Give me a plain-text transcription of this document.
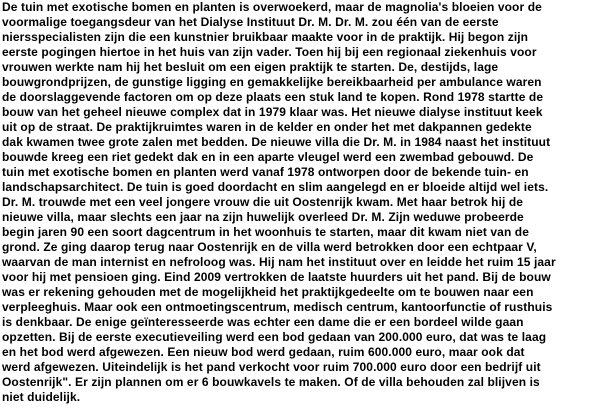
De tuin met exotische bomen en planten is overwoekerd, maar de magnolia's bloeien voor de
voormalige toegangsdeur van het Dialyse Instituut Dr. M. Dr. M. zou één van de eerste
niersspecialisten zijn die een kunstnier bruikbaar maakte voor in de praktijk. Hij begon zijn
eerste pogingen hiertoe in het huis van zijn vader. Toen hij bij een regionaal ziekenhuis voor
vrouwen werkte nam hij het besluit om een eigen praktijk te starten. De, destijds, lage
bouwgrondprijzen, de gunstige ligging en gemakkelijke bereikbaarheid per ambulance waren
de doorslaggevende factoren om op deze plaats een stuk land te kopen. Rond 1978 startte de
bouw van het geheel nieuwe complex dat in 1979 klaar was. Het nieuwe dialyse instituut keek
uit op de straat. De praktijkruimtes waren in de kelder en onder het met dakpannen gedekte
dak kwamen twee grote zalen met bedden. De nieuwe villa die Dr. M. in 1984 naast het instituut
bouwde kreeg een riet gedekt dak en in een aparte vleugel werd een zwembad gebouwd. De
tuin met exotische bomen en planten werd vanaf 1978 ontworpen door de bekende tuin- en
landschapsarchitect. De tuin is goed doordacht en slim aangelegd en er bloeide altijd wel iets.
Dr. M. trouwde met een veel jongere vrouw die uit Oostenrijk kwam. Met haar betrok hij de
nieuwe villa, maar slechts een jaar na zijn huwelijk overleed Dr. M. Zijn weduwe probeerde
begin jaren 90 een soort dagcentrum in het woonhuis te starten, maar dit kwam niet van de
grond. Ze ging daarop terug naar Oostenrijk en de villa werd betrokken door een echtpaar V,
waarvan de man internist en nefroloog was. Hij nam het instituut over en leidde het ruim 15 jaar
voor hij met pensioen ging. Eind 2009 vertrokken de laatste huurders uit het pand. Bij de bouw
was er rekening gehouden met de mogelijkheid het praktijkgedeelte om te bouwen naar een
verpleeghuis. Maar ook een ontmoetingscentrum, medisch centrum, kantoorfunctie of rusthuis
is denkbaar. De enige geïnteresseerde was echter een dame die er een bordeel wilde gaan
opzetten. Bij de eerste executieveiling werd een bod gedaan van 200.000 euro, dat was te laag
en het bod werd afgewezen. Een nieuw bod werd gedaan, ruim 600.000 euro, maar ook dat
werd afgewezen. Uiteindelijk is het pand verkocht voor ruim 700.000 euro door een bedrijf uit
Oostenrijk". Er zijn plannen om er 6 bouwkavels te maken. Of de villa behouden zal blijven is
niet duidelijk.
